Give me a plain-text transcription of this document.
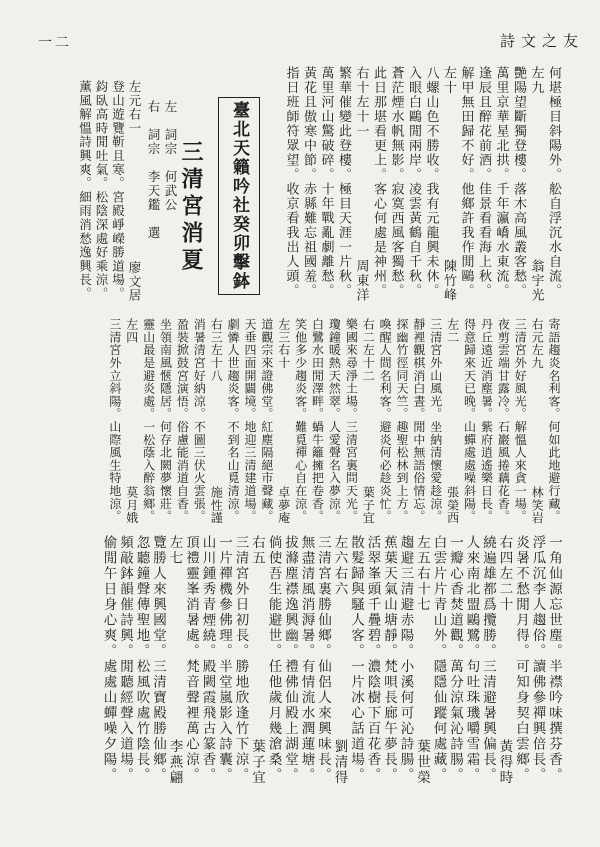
詩文之友
一二
何堪極目斜陽外。舩自浮沉水自流。
左九
翁宇光
艷陽望斷獨登樓。落木高風叢客愁。
萬里京華星北拱。千年瀛嶠水東流。
逢辰且醉花前酒。佳景看看海上秋。
解甲無田歸不好。他鄉許我作閒鷗。
左十
陳竹峰
八螺山色不勝收。我有元龍興未休。
入眼白鷗閒兩岸。凌雲黃鶴自千秋。
蒼茫煙水帆無影。寂寞西風客獨愁。
此日那堪看更上。客心何處是神州。
右十左十一
周東洋
繁華催變此登樓。極目天涯一片秋。
萬里河山驚破碎。十年戰亂劇離愁。
黃花且傲寒中節。赤縣難忘祖國羞。
指日班師符眾望。收京看我出人頭。
臺北天籟吟社癸卯擊鉢
三清宮消夏
左　詞宗　何武公
右　詞宗　李天鑑　選
左元右一
廖文居
登山遊覽靳且寒。宮殿崢嶸勝道場。
鈞臥高時閒吐氣。松陰深處好乘涼。
薰風解慍詩興爽。細雨消愁逸興長。
寄語趨炎名利客。何如此地避行藏。
右元左九
林笑岩
三清宮外好風光。解慍人來貪一場。
夜剪雲端甘露冷。石巖風捲藕花香。
丹丘遠近消塵暑。紫府逍遙樂日長。
得意歸來天已晚。山蟬處處噪斜陽。
左二
張榮西
三清宮外山風光。坐納清懷愛趁涼。
靜裡觀棋消白晝。閒中無語俗情忘。
探幽竹徑同天竺。趣聖松林到上方。
喚醒人間名利客。避炎何必趁炎忙。
右二左十二
葉子宜
樂國來尋淨土場。三清宮裏問天光。
瓊鐘暖熱天然翠。人愛聲名入夢涼。
白鷺水田閒澤畔。蝸牛籬擁把卷香。
笑他多少趨炎客。難覓禪心自在涼。
左三右十
卓夢庵
道觀宗來證佛堂。紅塵隔絕市聲藏。
天垂四面開闢境。地迎三清建道場。
劇憐人世趨炎客。不到名山覓清涼。
右三左十八
施性謹
消暑清宮好納涼。不圖三伏火雲張。
盈裝掀鼓宮演悟。俗慮能消道自香。
坐領南風愜隱居。何存北闕夢懷莊。
靈山最是避炎處。一松蔭入醉翁鄉。
左四
莫月娥
三清宮外立斜陽。山際風生特地涼。
一角仙源忘世塵。半襟吟味撰芬香。
浮瓜沉李人趨俗。讀佛參禪興倍長。
炎暑不愁閒月得。可知身契白雲鄉。
右四左二十
黃得時
繞遍雄都爲攬勝。三清避暑興偏長。
人來南北盟鷗鷺。句吐珠璣嚼雪霜。
一瓣心香焚道觀。萬分涼氣沁詩腸。
白雲片片青山外。隱隱仙蹤何處藏。
左五右十七
葉世榮
趨避三清避赤陽。小溪何可沁詩腸。
蕉葉天氣山塘靜。梵唄長廊午夢長。
活翠峯頭千疊碧。濃陰樹下百花香。
散髮歸與騷人客。一片冰心話道場。
左六右六
劉清得
三清宮裏勝仙鄉。仙侶人來興味長。
無盡清風消溽暑。有情流水潤蓮塘。
拔滌塵襟逸興幽。禮佛仙殿上湖堂。
倘使吾生能避世。任他歲月幾滄桑。
右五
葉子宜
三清宮外日初長。勝地欣逢竹下涼。
一片禪機參佛理。半堂嵐影入詩囊。
山川鍾秀青煙繞。殿闕霞飛古篆香。
頂禮靈峯消暑處。梵音聲裡萬心涼。
左七
李燕翩
覽勝人來興國堂。三清寶殿勝仙鄉。
忽聽鐘聲傳聖地。松風吹處竹陰長。
頻敲鉢韻催詩興。閒聽經聲入道場。
偷閒午日身心爽。處處山蟬噪夕陽。
